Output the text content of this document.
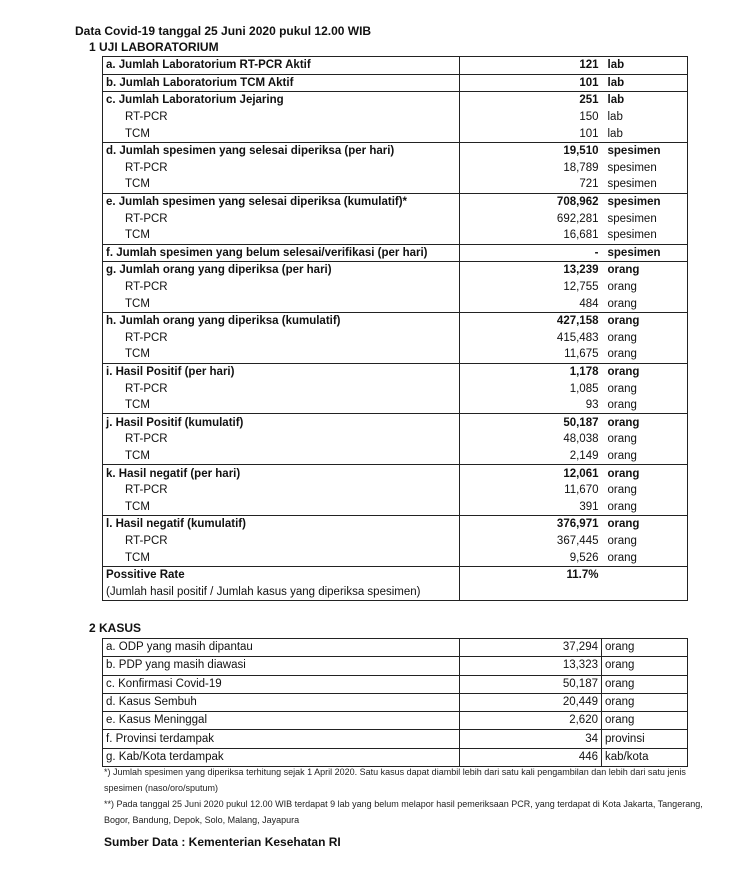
Data Covid-19 tanggal 25 Juni 2020 pukul 12.00 WIB
1 UJI LABORATORIUM
a. Jumlah Laboratorium RT-PCR Aktif	121	lab
b. Jumlah Laboratorium TCM Aktif	101	lab
c. Jumlah Laboratorium Jejaring	251	lab
RT-PCR	150	lab
TCM	101	lab
d. Jumlah spesimen yang selesai diperiksa (per hari)	19,510	spesimen
RT-PCR	18,789	spesimen
TCM	721	spesimen
e. Jumlah spesimen yang selesai diperiksa (kumulatif)*	708,962	spesimen
RT-PCR	692,281	spesimen
TCM	16,681	spesimen
f. Jumlah spesimen yang belum selesai/verifikasi (per hari)	-	spesimen
g. Jumlah orang yang diperiksa (per hari)	13,239	orang
RT-PCR	12,755	orang
TCM	484	orang
h. Jumlah orang yang diperiksa (kumulatif)	427,158	orang
RT-PCR	415,483	orang
TCM	11,675	orang
i. Hasil Positif (per hari)	1,178	orang
RT-PCR	1,085	orang
TCM	93	orang
j. Hasil Positif (kumulatif)	50,187	orang
RT-PCR	48,038	orang
TCM	2,149	orang
k. Hasil negatif (per hari)	12,061	orang
RT-PCR	11,670	orang
TCM	391	orang
l. Hasil negatif (kumulatif)	376,971	orang
RT-PCR	367,445	orang
TCM	9,526	orang
Possitive Rate	11.7%	
(Jumlah hasil positif / Jumlah kasus yang diperiksa spesimen)		
2 KASUS
a. ODP yang masih dipantau	37,294	orang
b. PDP yang masih diawasi	13,323	orang
c. Konfirmasi Covid-19	50,187	orang
d. Kasus Sembuh	20,449	orang
e. Kasus Meninggal	2,620	orang
f. Provinsi terdampak	34	provinsi
g. Kab/Kota terdampak	446	kab/kota
*) Jumlah spesimen yang diperiksa terhitung sejak 1 April 2020. Satu kasus dapat diambil lebih dari satu kali pengambilan dan lebih dari satu jenis spesimen (naso/oro/sputum)
**) Pada tanggal 25 Juni 2020 pukul 12.00 WIB terdapat 9 lab yang belum melapor hasil pemeriksaan PCR, yang terdapat di Kota Jakarta, Tangerang, Bogor, Bandung, Depok, Solo, Malang, Jayapura
Sumber Data : Kementerian Kesehatan RI
